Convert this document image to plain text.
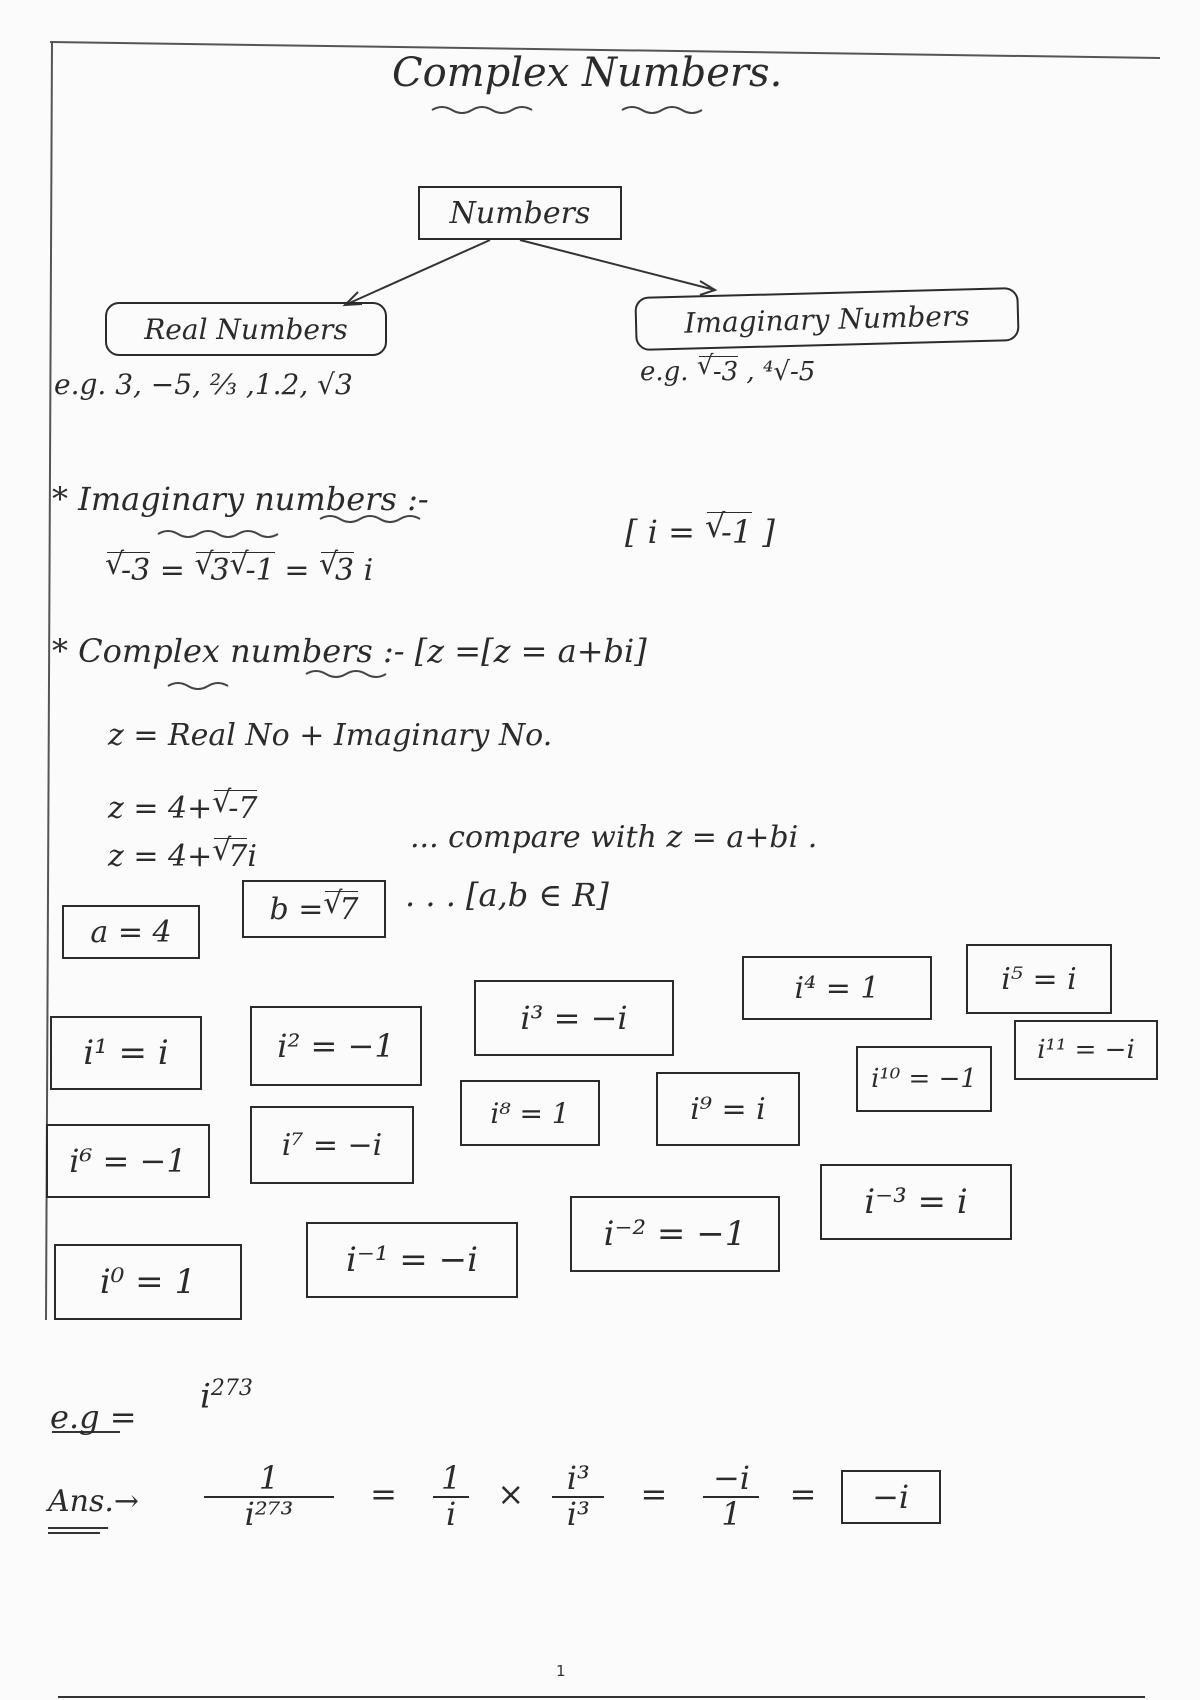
Complex Numbers.
Numbers
Real Numbers	Imaginary Numbers
e.g. 3, −5, ⅔ ,1.2, √3	e.g. √ -3 , ⁴√-5
* Imaginary numbers :-
√ -3 = √ 3 √ -1 = √ 3 i
[ i = √ -1 ]
* Complex numbers :- [z =[z = a+bi]
z = Real No + Imaginary No.
z = 4+ √ -7
z = 4+ √ 7i
... compare with z = a+bi .
a = 4
b = √ 7 . . . [a,b ∈ R]
i¹ = i	i² = −1
i³ = −i
i⁴ = 1	i⁵ = i
i⁶ = −1	i⁷ = −i
i⁸ = 1	i⁹ = i
i¹⁰ = −1
i¹¹ = −i
i⁰ = 1
i⁻¹ = −i
i⁻² = −1
i⁻³ = i
e.g =
$i^{273}$
$Ans.\to \frac{1}{\text{i²⁷³}} = \frac{1}{i} \times \frac{\text{i³}}{\text{i³}} = \frac{-i}{1} = -i$
1
